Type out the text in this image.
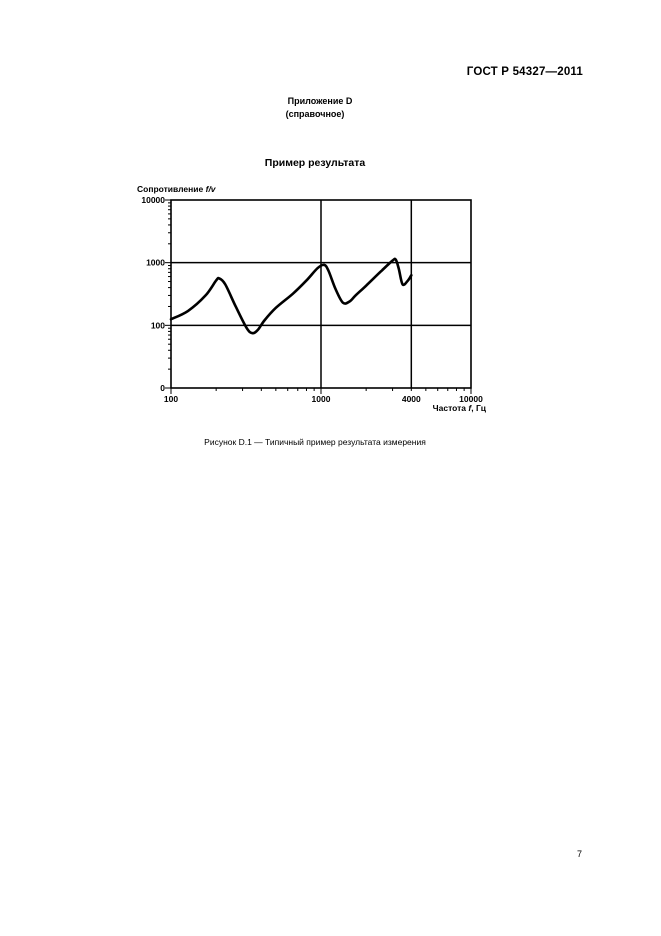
ГОСТ Р 54327—2011
Приложение D
(справочное)
Пример результата
0
100
1000
10000
100	1000	4000	10000
Сопротивление f/v
Частота f, Гц
Рисунок D.1 — Типичный пример результата измерения
7
